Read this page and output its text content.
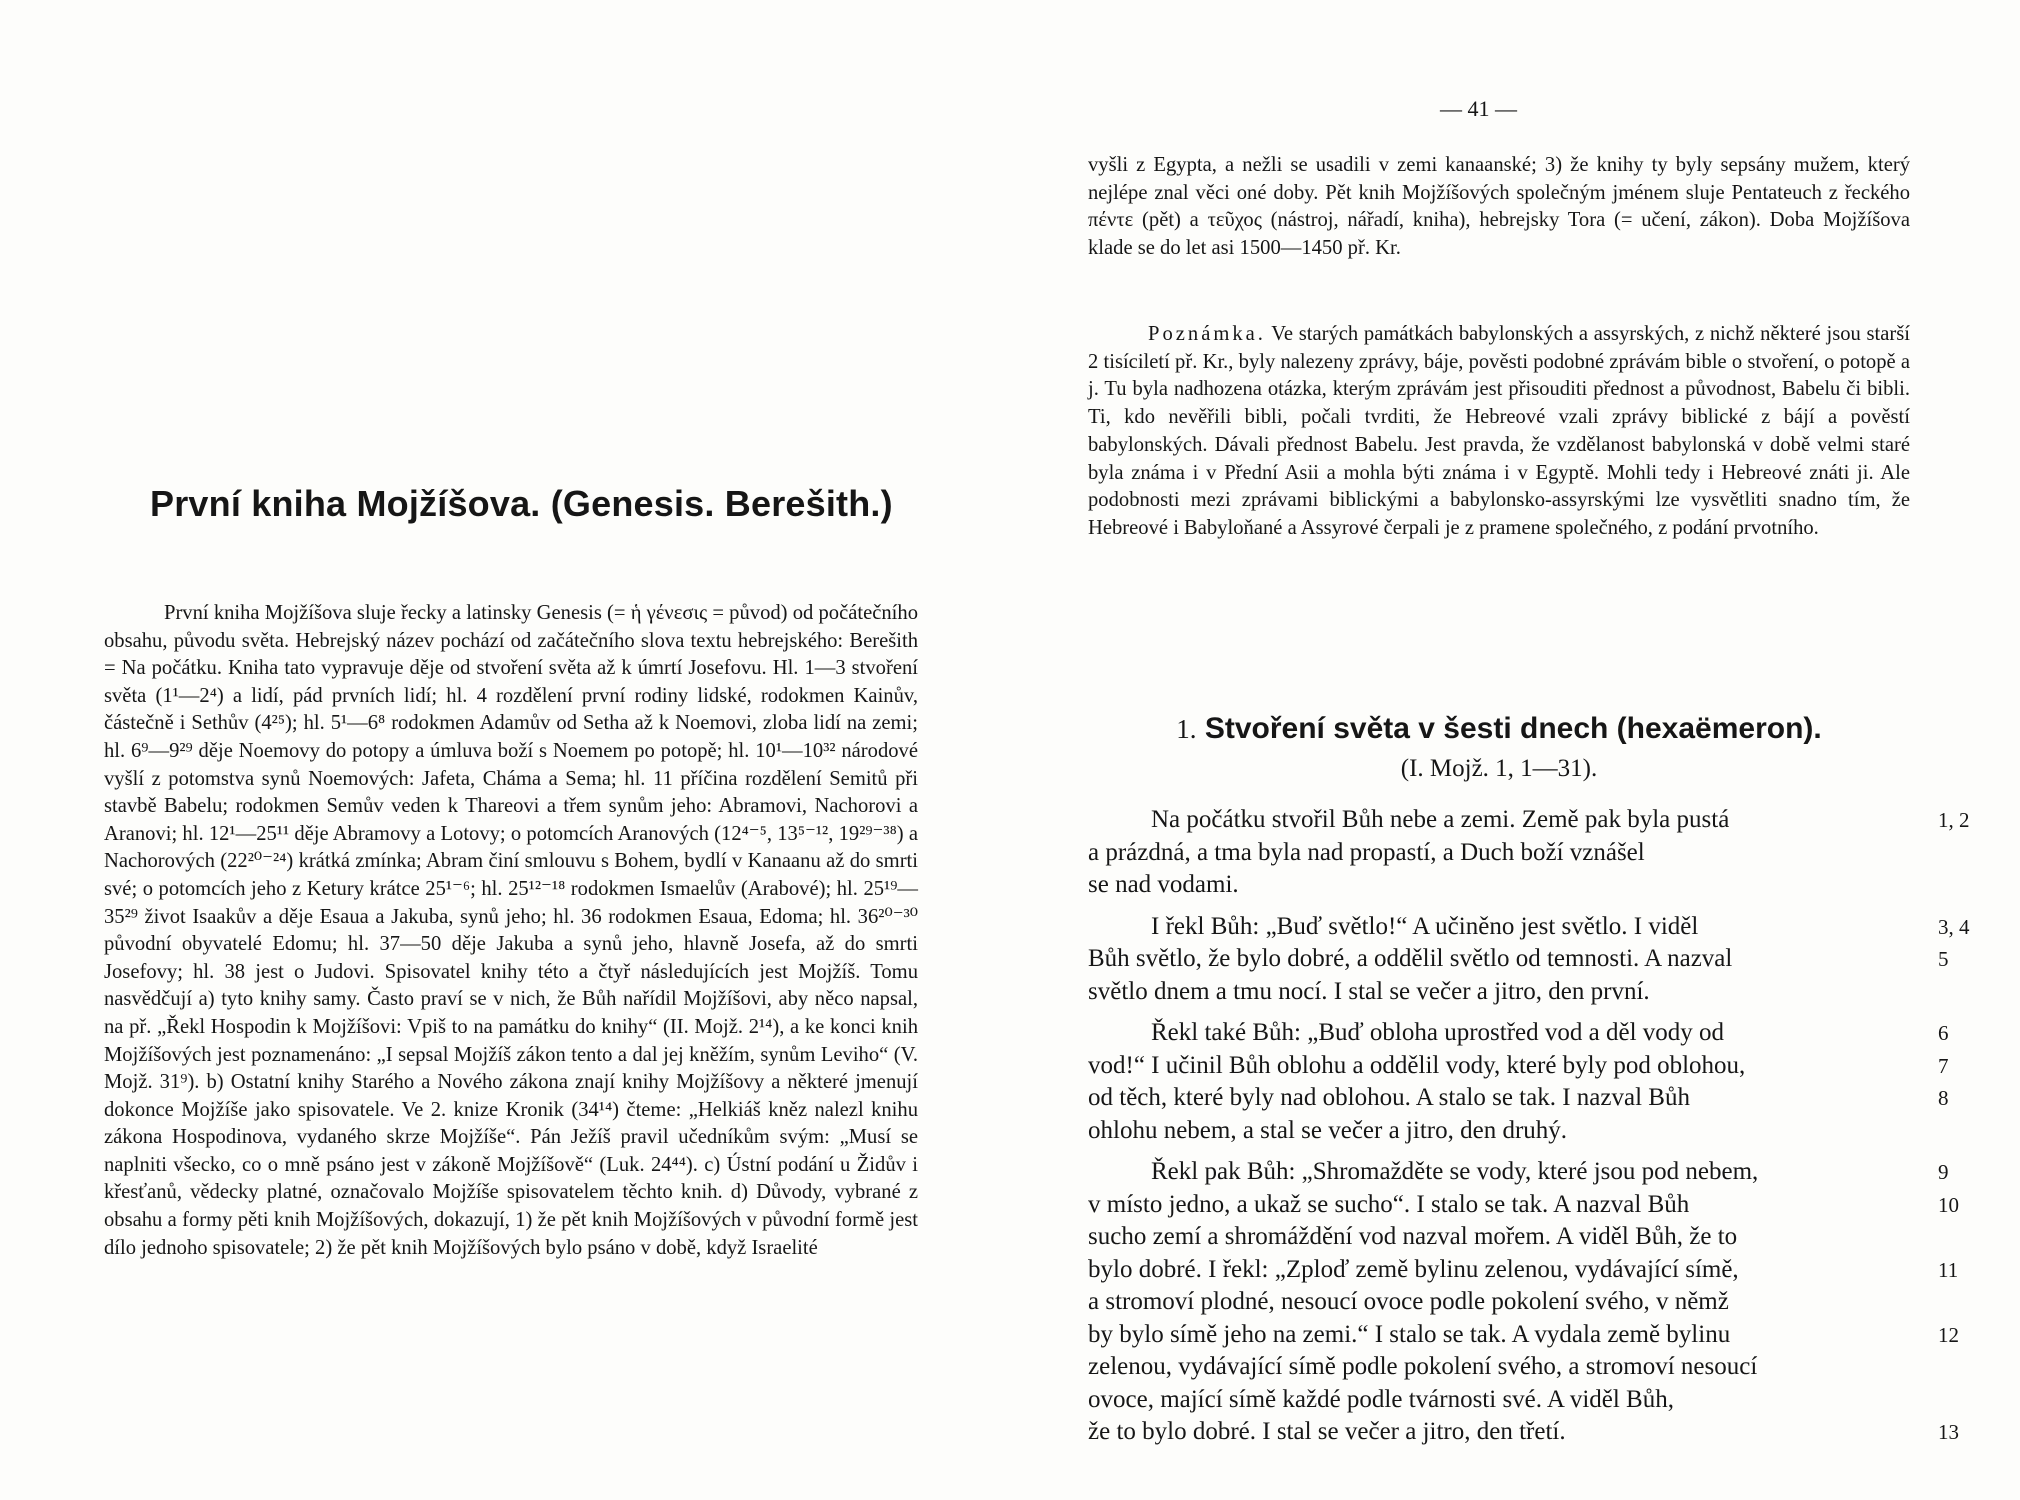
První kniha Mojžíšova. (Genesis. Berešith.)

První kniha Mojžíšova sluje řecky a latinsky Genesis (= ἡ γένεσις = původ) od počátečního obsahu, původu světa. Hebrejský název pochází od začátečního slova textu hebrejského: Berešith = Na počátku. Kniha tato vypravuje děje od stvoření světa až k úmrtí Josefovu. Hl. 1—3 stvoření světa (1¹—2⁴) a lidí, pád prvních lidí; hl. 4 rozdělení první rodiny lidské, rodokmen Kainův, částečně i Sethův (4²⁵); hl. 5¹—6⁸ rodokmen Adamův od Setha až k Noemovi, zloba lidí na zemi; hl. 6⁹—9²⁹ děje Noemovy do potopy a úmluva boží s Noemem po potopě; hl. 10¹—10³² národové vyšlí z potomstva synů Noemových: Jafeta, Cháma a Sema; hl. 11 příčina rozdělení Semitů při stavbě Babelu; rodokmen Semův veden k Thareovi a třem synům jeho: Abramovi, Nachorovi a Aranovi; hl. 12¹—25¹¹ děje Abramovy a Lotovy; o potomcích Aranových (12⁴⁻⁵, 13⁵⁻¹², 19²⁹⁻³⁸) a Nachorových (22²⁰⁻²⁴) krátká zmínka; Abram činí smlouvu s Bohem, bydlí v Kanaanu až do smrti své; o potomcích jeho z Ketury krátce 25¹⁻⁶; hl. 25¹²⁻¹⁸ rodokmen Ismaelův (Arabové); hl. 25¹⁹—35²⁹ život Isaakův a děje Esaua a Jakuba, synů jeho; hl. 36 rodokmen Esaua, Edoma; hl. 36²⁰⁻³⁰ původní obyvatelé Edomu; hl. 37—50 děje Jakuba a synů jeho, hlavně Josefa, až do smrti Josefovy; hl. 38 jest o Judovi. Spisovatel knihy této a čtyř následujících jest Mojžíš. Tomu nasvědčují a) tyto knihy samy. Často praví se v nich, že Bůh nařídil Mojžíšovi, aby něco napsal, na př. „Řekl Hospodin k Mojžíšovi: Vpiš to na památku do knihy“ (II. Mojž. 2¹⁴), a ke konci knih Mojžíšových jest poznamenáno: „I sepsal Mojžíš zákon tento a dal jej kněžím, synům Leviho“ (V. Mojž. 31⁹). b) Ostatní knihy Starého a Nového zákona znají knihy Mojžíšovy a některé jmenují dokonce Mojžíše jako spisovatele. Ve 2. knize Kronik (34¹⁴) čteme: „Helkiáš kněz nalezl knihu zákona Hospodinova, vydaného skrze Mojžíše“. Pán Ježíš pravil učedníkům svým: „Musí se naplniti všecko, co o mně psáno jest v zákoně Mojžíšově“ (Luk. 24⁴⁴). c) Ústní podání u Židův i křesťanů, vědecky platné, označovalo Mojžíše spisovatelem těchto knih. d) Důvody, vybrané z obsahu a formy pěti knih Mojžíšových, dokazují, 1) že pět knih Mojžíšových v původní formě jest dílo jednoho spisovatele; 2) že pět knih Mojžíšových bylo psáno v době, když Israelité

— 41 —

vyšli z Egypta, a nežli se usadili v zemi kanaanské; 3) že knihy ty byly sepsány mužem, který nejlépe znal věci oné doby. Pět knih Mojžíšových společným jménem sluje Pentateuch z řeckého πέντε (pět) a τεῦχος (nástroj, nářadí, kniha), hebrejsky Tora (= učení, zákon). Doba Mojžíšova klade se do let asi 1500—1450 př. Kr.

Poznámka. Ve starých památkách babylonských a assyrských, z nichž některé jsou starší 2 tisíciletí př. Kr., byly nalezeny zprávy, báje, pověsti podobné zprávám bible o stvoření, o potopě a j. Tu byla nadhozena otázka, kterým zprávám jest přisouditi přednost a původnost, Babelu či bibli. Ti, kdo nevěřili bibli, počali tvrditi, že Hebreové vzali zprávy biblické z bájí a pověstí babylonských. Dávali přednost Babelu. Jest pravda, že vzdělanost babylonská v době velmi staré byla známa i v Přední Asii a mohla býti známa i v Egyptě. Mohli tedy i Hebreové znáti ji. Ale podobnosti mezi zprávami biblickými a babylonsko-assyrskými lze vysvětliti snadno tím, že Hebreové i Babyloňané a Assyrové čerpali je z pramene společného, z podání prvotního.

1. Stvoření světa v šesti dnech (hexaëmeron).
(I. Mojž. 1, 1—31).
Na počátku stvořil Bůh nebe a zemi. Země pak byla pustá	1, 2
a prázdná, a tma byla nad propastí, a Duch boží vznášel
se nad vodami.
I řekl Bůh: „Buď světlo!“ A učiněno jest světlo. I viděl	3, 4
Bůh světlo, že bylo dobré, a oddělil světlo od temnosti. A nazval	5
světlo dnem a tmu nocí. I stal se večer a jitro, den první.
Řekl také Bůh: „Buď obloha uprostřed vod a děl vody od	6
vod!“ I učinil Bůh oblohu a oddělil vody, které byly pod oblohou,	7
od těch, které byly nad oblohou. A stalo se tak. I nazval Bůh	8
ohlohu nebem, a stal se večer a jitro, den druhý.
Řekl pak Bůh: „Shromažděte se vody, které jsou pod nebem,	9
v místo jedno, a ukaž se sucho“. I stalo se tak. A nazval Bůh	10
sucho zemí a shromáždění vod nazval mořem. A viděl Bůh, že to
bylo dobré. I řekl: „Zploď země bylinu zelenou, vydávající símě,	11
a stromoví plodné, nesoucí ovoce podle pokolení svého, v němž
by bylo símě jeho na zemi.“ I stalo se tak. A vydala země bylinu	12
zelenou, vydávající símě podle pokolení svého, a stromoví nesoucí
ovoce, mající símě každé podle tvárnosti své. A viděl Bůh,
že to bylo dobré. I stal se večer a jitro, den třetí.	13
